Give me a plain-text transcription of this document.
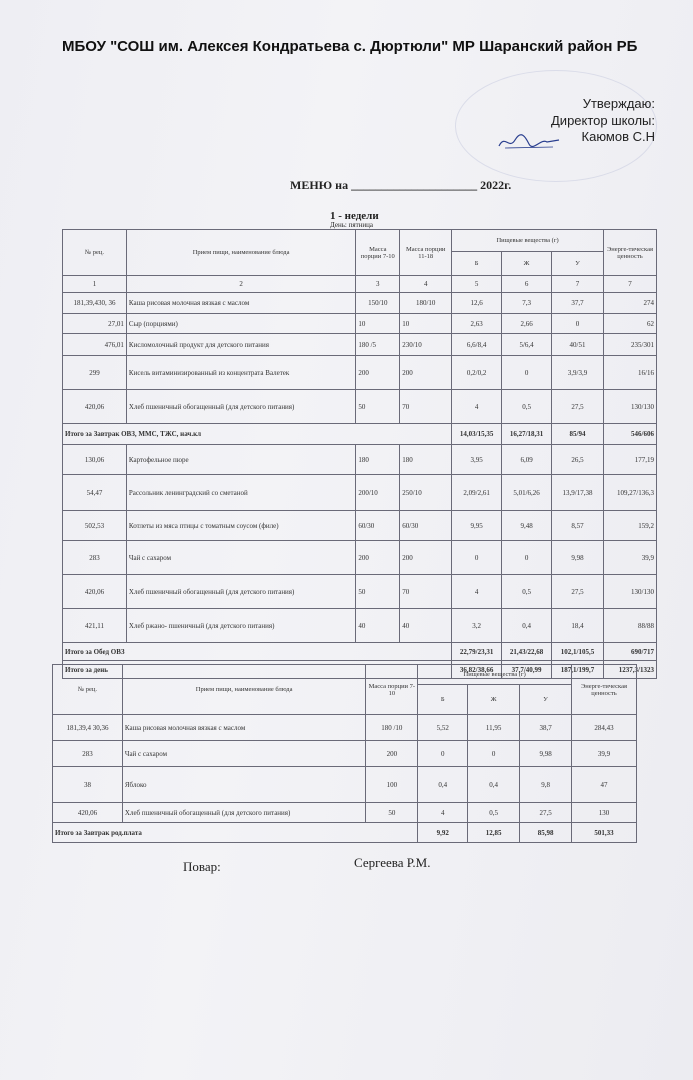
МБОУ "СОШ им. Алексея Кондратьева с. Дюртюли" МР Шаранский район РБ
Утверждаю:
Директор школы:
Каюмов С.Н
МЕНЮ на _____________________ 2022г.
1 - недели
День: пятница
№ рец.	Прием пищи, наименование блюда	Масса порции 7-10	Масса порции 11-18	Пищевые вещества (г)			Энерге-тическая ценность
				Б	Ж	У	
1	2	3	4	5	6	7	7
181,39,430, 36	Каша рисовая молочная вязкая с маслом	150/10	180/10	12,6	7,3	37,7	274
27,01	Сыр (порциями)	10	10	2,63	2,66	0	62
476,01	Кисломолочный продукт для детского питания	180 /5	230/10	6,6/8,4	5/6,4	40/51	235/301
299	Кисель витаминизированный из концентрата Валетек	200	200	0,2/0,2	0	3,9/3,9	16/16
420,06	Хлеб пшеничный обогащенный (для детского питания)	50	70	4	0,5	27,5	130/130
Итого за Завтрак ОВЗ, ММС, ТЖС, нач.кл				14,03/15,35	16,27/18,31	85/94	546/606
130,06	Картофельное пюре	180	180	3,95	6,09	26,5	177,19
54,47	Рассольник ленинградский со сметаной	200/10	250/10	2,09/2,61	5,01/6,26	13,9/17,38	109,27/136,3
502,53	Котлеты из мяса птицы с томатным соусом (филе)	60/30	60/30	9,95	9,48	8,57	159,2
283	Чай с сахаром	200	200	0	0	9,98	39,9
420,06	Хлеб пшеничный обогащенный (для детского питания)	50	70	4	0,5	27,5	130/130
421,11	Хлеб ржано- пшеничный (для детского питания)	40	40	3,2	0,4	18,4	88/88
Итого за Обед ОВЗ				22,79/23,31	21,43/22,68	102,1/105,5	690/717
Итого за день				36,82/38,66	37,7/40,99	187,1/199,7	1237,3/1323
№ рец.	Прием пищи, наименование блюда	Масса порции 7-10	Пищевые вещества (г)			Энерге-тическая ценность
			Б	Ж	У	
181,39,4 30,36	Каша рисовая молочная вязкая с маслом	180 /10	5,52	11,95	38,7	284,43
283	Чай с сахаром	200	0	0	9,98	39,9
38	Яблоко	100	0,4	0,4	9,8	47
420,06	Хлеб пшеничный обогащенный (для детского питания)	50	4	0,5	27,5	130
Итого за Завтрак род.плата			9,92	12,85	85,98	501,33
Повар:	Сергеева Р.М.
